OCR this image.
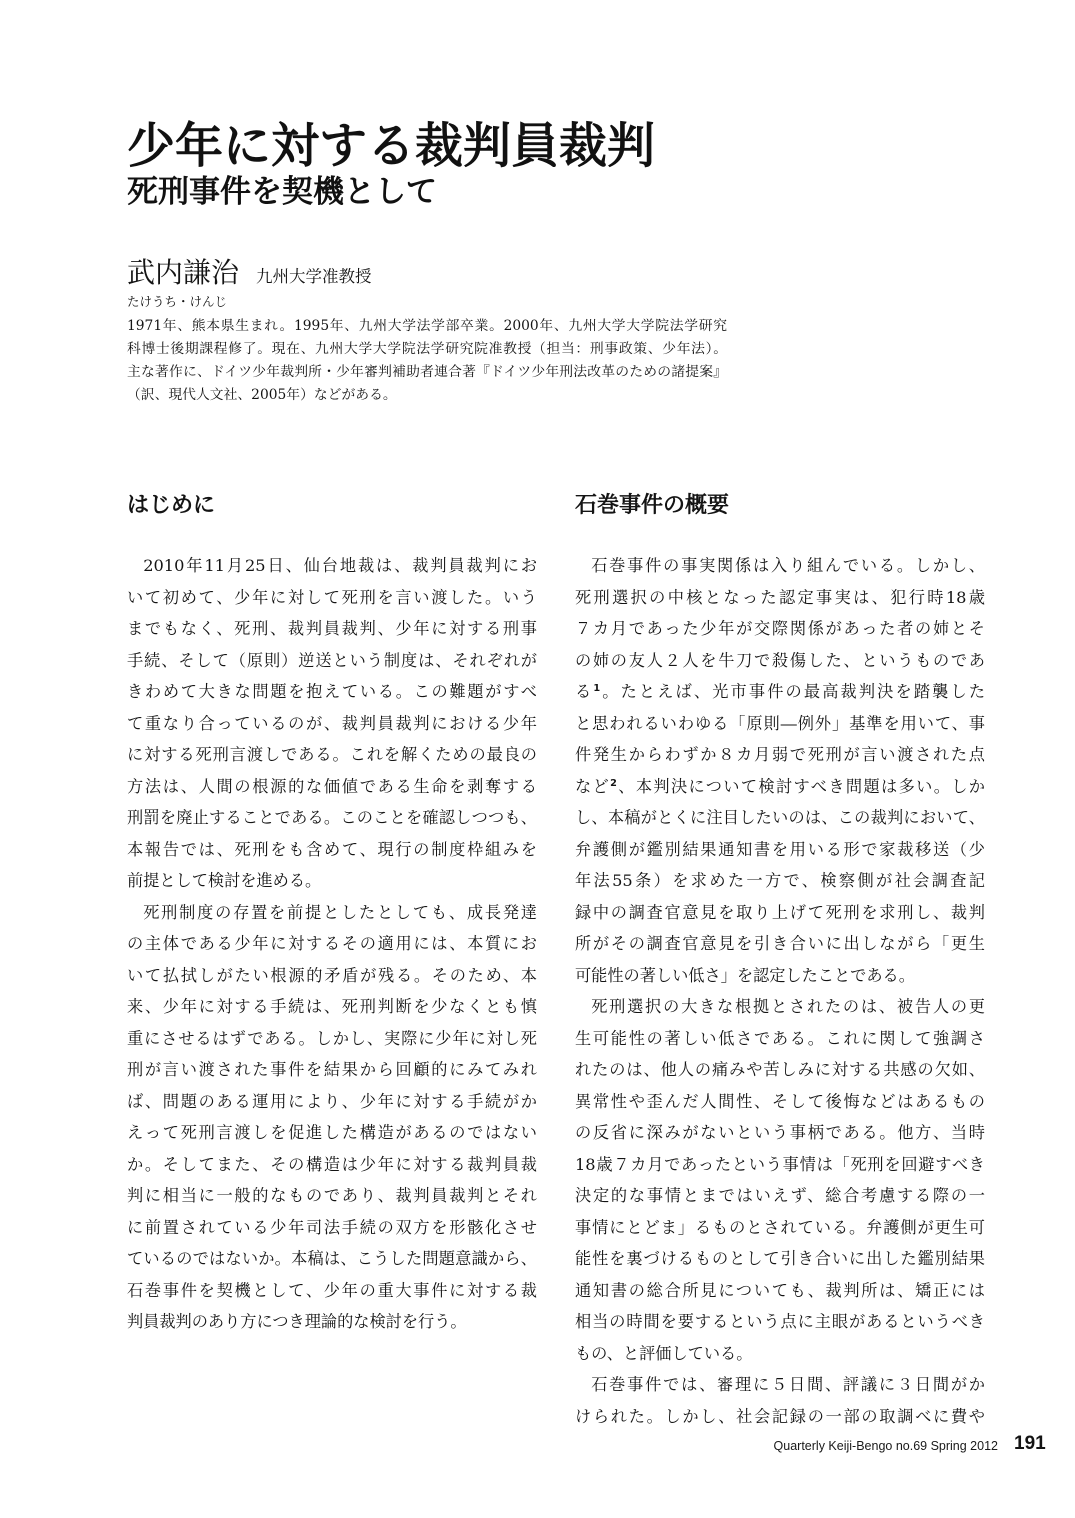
少年に対する裁判員裁判
死刑事件を契機として
武内謙治 九州大学准教授
たけうち・けんじ
1971年、熊本県生まれ。1995年、九州大学法学部卒業。2000年、九州大学大学院法学研究
科博士後期課程修了。現在、九州大学大学院法学研究院准教授（担当：刑事政策、少年法）。
主な著作に、ドイツ少年裁判所・少年審判補助者連合著『ドイツ少年刑法改革のための諸提案』
（訳、現代人文社、2005年）などがある。
はじめに	石巻事件の概要
2010年11月25日、仙台地裁は、裁判員裁判にお
いて初めて、少年に対して死刑を言い渡した。いう
までもなく、死刑、裁判員裁判、少年に対する刑事
手続、そして（原則）逆送という制度は、それぞれが
きわめて大きな問題を抱えている。この難題がすべ
て重なり合っているのが、裁判員裁判における少年
に対する死刑言渡しである。これを解くための最良の
方法は、人間の根源的な価値である生命を剥奪する
刑罰を廃止することである。このことを確認しつつも、
本報告では、死刑をも含めて、現行の制度枠組みを
前提として検討を進める。
死刑制度の存置を前提としたとしても、成長発達
の主体である少年に対するその適用には、本質にお
いて払拭しがたい根源的矛盾が残る。そのため、本
来、少年に対する手続は、死刑判断を少なくとも慎
重にさせるはずである。しかし、実際に少年に対し死
刑が言い渡された事件を結果から回顧的にみてみれ
ば、問題のある運用により、少年に対する手続がか
えって死刑言渡しを促進した構造があるのではない
か。そしてまた、その構造は少年に対する裁判員裁
判に相当に一般的なものであり、裁判員裁判とそれ
に前置されている少年司法手続の双方を形骸化させ
ているのではないか。本稿は、こうした問題意識から、
石巻事件を契機として、少年の重大事件に対する裁
判員裁判のあり方につき理論的な検討を行う。
石巻事件の事実関係は入り組んでいる。しかし、
死刑選択の中核となった認定事実は、犯行時18歳
７カ月であった少年が交際関係があった者の姉とそ
の姉の友人２人を牛刀で殺傷した、というものであ
る$^1$。たとえば、光市事件の最高裁判決を踏襲した
と思われるいわゆる「原則―例外」基準を用いて、事
件発生からわずか８カ月弱で死刑が言い渡された点
など$^2$、本判決について検討すべき問題は多い。しか
し、本稿がとくに注目したいのは、この裁判において、
弁護側が鑑別結果通知書を用いる形で家裁移送（少
年法55条）を求めた一方で、検察側が社会調査記
録中の調査官意見を取り上げて死刑を求刑し、裁判
所がその調査官意見を引き合いに出しながら「更生
可能性の著しい低さ」を認定したことである。
死刑選択の大きな根拠とされたのは、被告人の更
生可能性の著しい低さである。これに関して強調さ
れたのは、他人の痛みや苦しみに対する共感の欠如、
異常性や歪んだ人間性、そして後悔などはあるもの
の反省に深みがないという事柄である。他方、当時
18歳７カ月であったという事情は「死刑を回避すべき
決定的な事情とまではいえず、総合考慮する際の一
事情にとどま」るものとされている。弁護側が更生可
能性を裏づけるものとして引き合いに出した鑑別結果
通知書の総合所見についても、裁判所は、矯正には
相当の時間を要するという点に主眼があるというべき
もの、と評価している。
石巻事件では、審理に５日間、評議に３日間がか
けられた。しかし、社会記録の一部の取調べに費や
Quarterly Keiji-Bengo no.69 Spring 2012 191
